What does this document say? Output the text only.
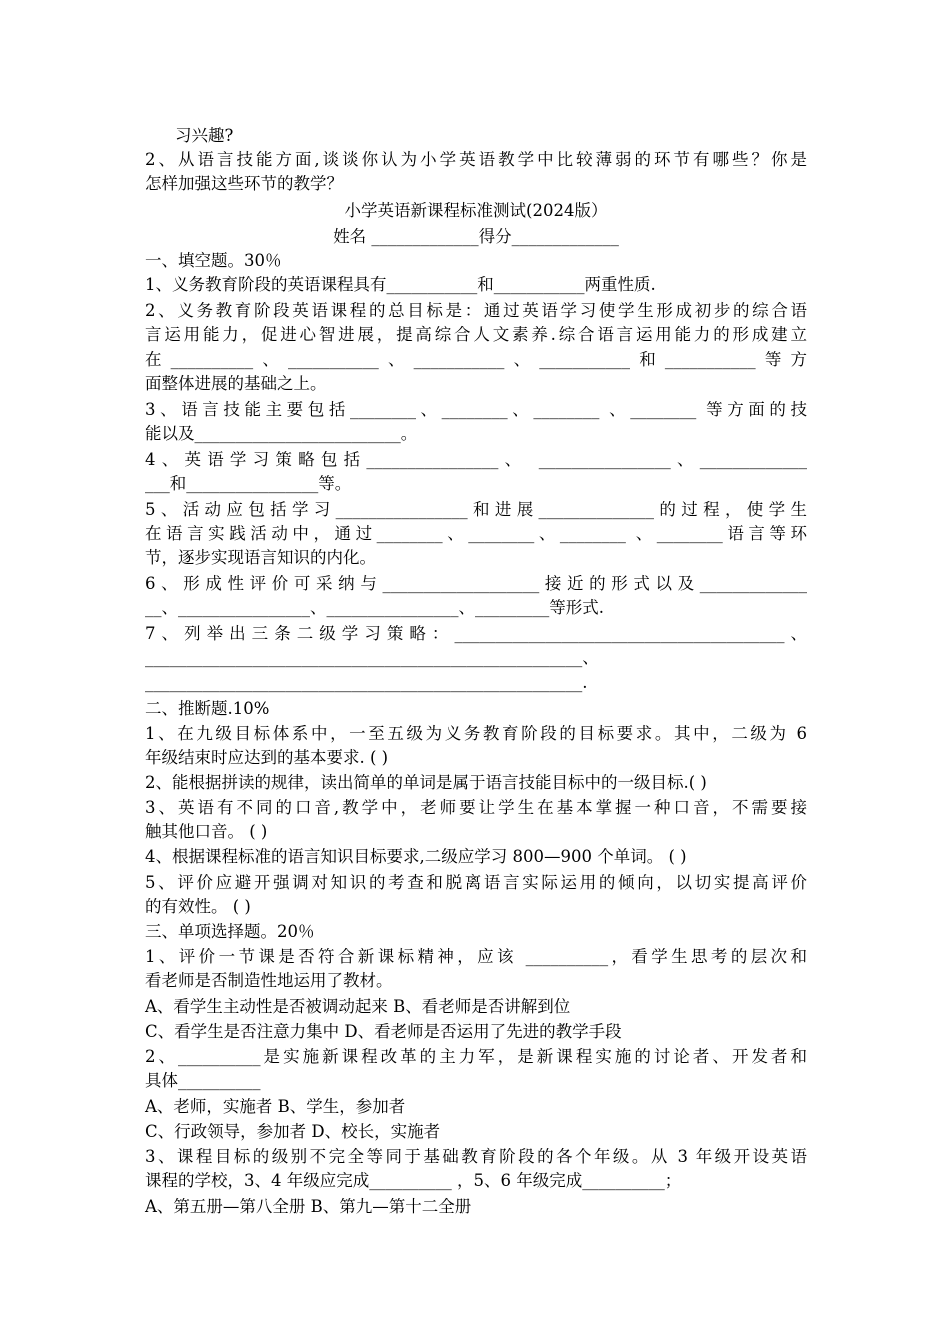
习兴趣?
2、从语言技能方面,谈谈你认为小学英语教学中比较薄弱的环节有哪些？你是
怎样加强这些环节的教学？
小学英语新课程标准测试(2024版）
姓名 _____________得分_____________
一、填空题。30％
1、义务教育阶段的英语课程具有___________和___________两重性质.
2、义务教育阶段英语课程的总目标是：通过英语学习使学生形成初步的综合语
言运用能力，促进心智进展，提高综合人文素养.综合语言运用能力的形成建立
在__________、___________、___________、___________和___________等方
面整体进展的基础之上。
3、语言技能主要包括________、________、________ 、________ 等方面的技
能以及_________________________。
4、英语学习策略包括________________、 ________________、_____________
___和________________等。
5、活动应包括学习________________和进展______________的过程，使学生
在语言实践活动中，通过________、________、________ 、________语言等环
节，逐步实现语言知识的内化。
6、形成性评价可采纳与___________________接近的形式以及_____________
__、________________、________________、_________等形式.
7、列举出三条二级学习策略：________________________________________、
_____________________________________________________、
_____________________________________________________.
二、推断题.10%
1、在九级目标体系中，一至五级为义务教育阶段的目标要求。其中，二级为 6
年级结束时应达到的基本要求. ( )
2、能根据拼读的规律，读出简单的单词是属于语言技能目标中的一级目标.( )
3、英语有不同的口音,教学中，老师要让学生在基本掌握一种口音，不需要接
触其他口音。 ( )
4、根据课程标准的语言知识目标要求,二级应学习 800—900 个单词。 ( )
5、评价应避开强调对知识的考查和脱离语言实际运用的倾向，以切实提高评价
的有效性。 ( )
三、单项选择题。20％
1、评价一节课是否符合新课标精神，应该 __________，看学生思考的层次和
看老师是否制造性地运用了教材。
A、看学生主动性是否被调动起来 B、看老师是否讲解到位
C、看学生是否注意力集中 D、看老师是否运用了先进的教学手段
2、__________是实施新课程改革的主力军，是新课程实施的讨论者、开发者和
具体__________
A、老师，实施者 B、学生，参加者
C、行政领导，参加者 D、校长，实施者
3、课程目标的级别不完全等同于基础教育阶段的各个年级。从 3 年级开设英语
课程的学校，3、4 年级应完成__________ ，5、6 年级完成__________；
A、第五册—第八全册 B、第九—第十二全册
